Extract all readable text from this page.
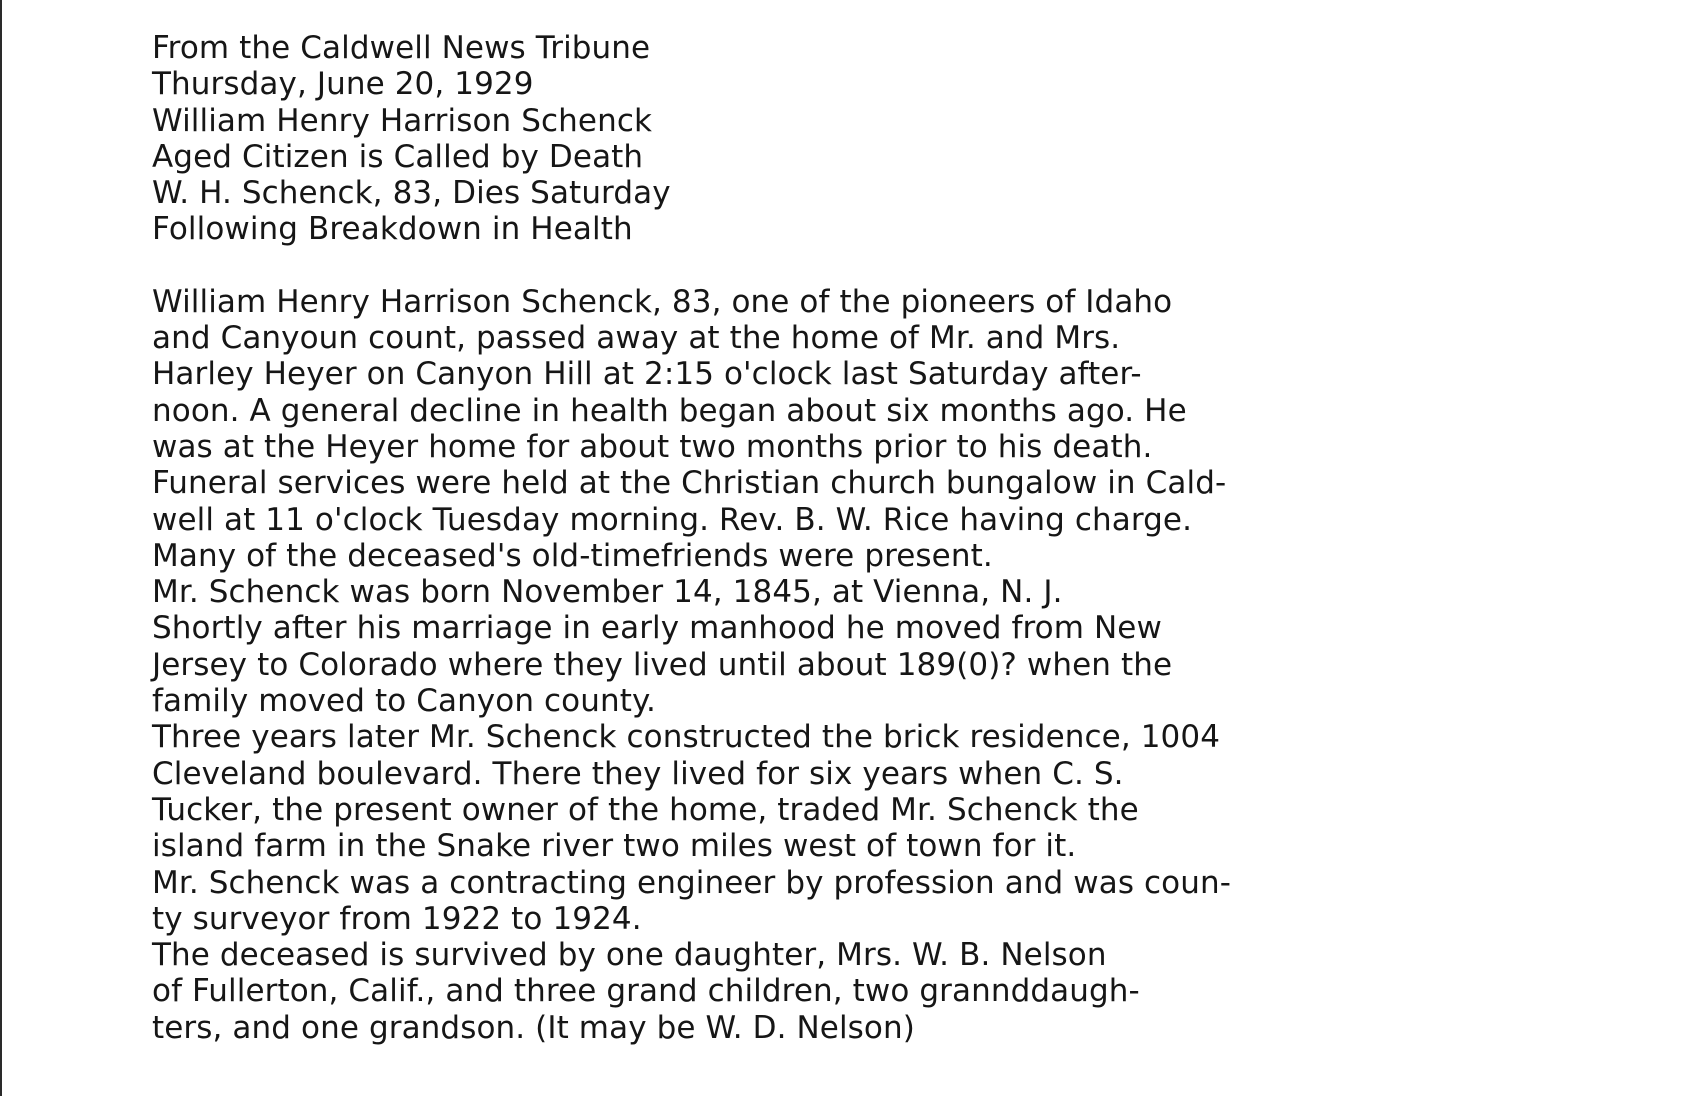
From the Caldwell News Tribune
Thursday, June 20, 1929
William Henry Harrison Schenck
Aged Citizen is Called by Death
W. H. Schenck, 83, Dies Saturday
Following Breakdown in Health
William Henry Harrison Schenck, 83, one of the pioneers of Idaho
and Canyoun count, passed away at the home of Mr. and Mrs.
Harley Heyer on Canyon Hill at 2:15 o'clock last Saturday after-
noon. A general decline in health began about six months ago. He
was at the Heyer home for about two months prior to his death.
Funeral services were held at the Christian church bungalow in Cald-
well at 11 o'clock Tuesday morning. Rev. B. W. Rice having charge.
Many of the deceased's old-timefriends were present.
Mr. Schenck was born November 14, 1845, at Vienna, N. J.
Shortly after his marriage in early manhood he moved from New
Jersey to Colorado where they lived until about 189(0)? when the
family moved to Canyon county.
Three years later Mr. Schenck constructed the brick residence, 1004
Cleveland boulevard. There they lived for six years when C. S.
Tucker, the present owner of the home, traded Mr. Schenck the
island farm in the Snake river two miles west of town for it.
Mr. Schenck was a contracting engineer by profession and was coun-
ty surveyor from 1922 to 1924.
The deceased is survived by one daughter, Mrs. W. B. Nelson
of Fullerton, Calif., and three grand children, two grannddaugh-
ters, and one grandson. (It may be W. D. Nelson)
